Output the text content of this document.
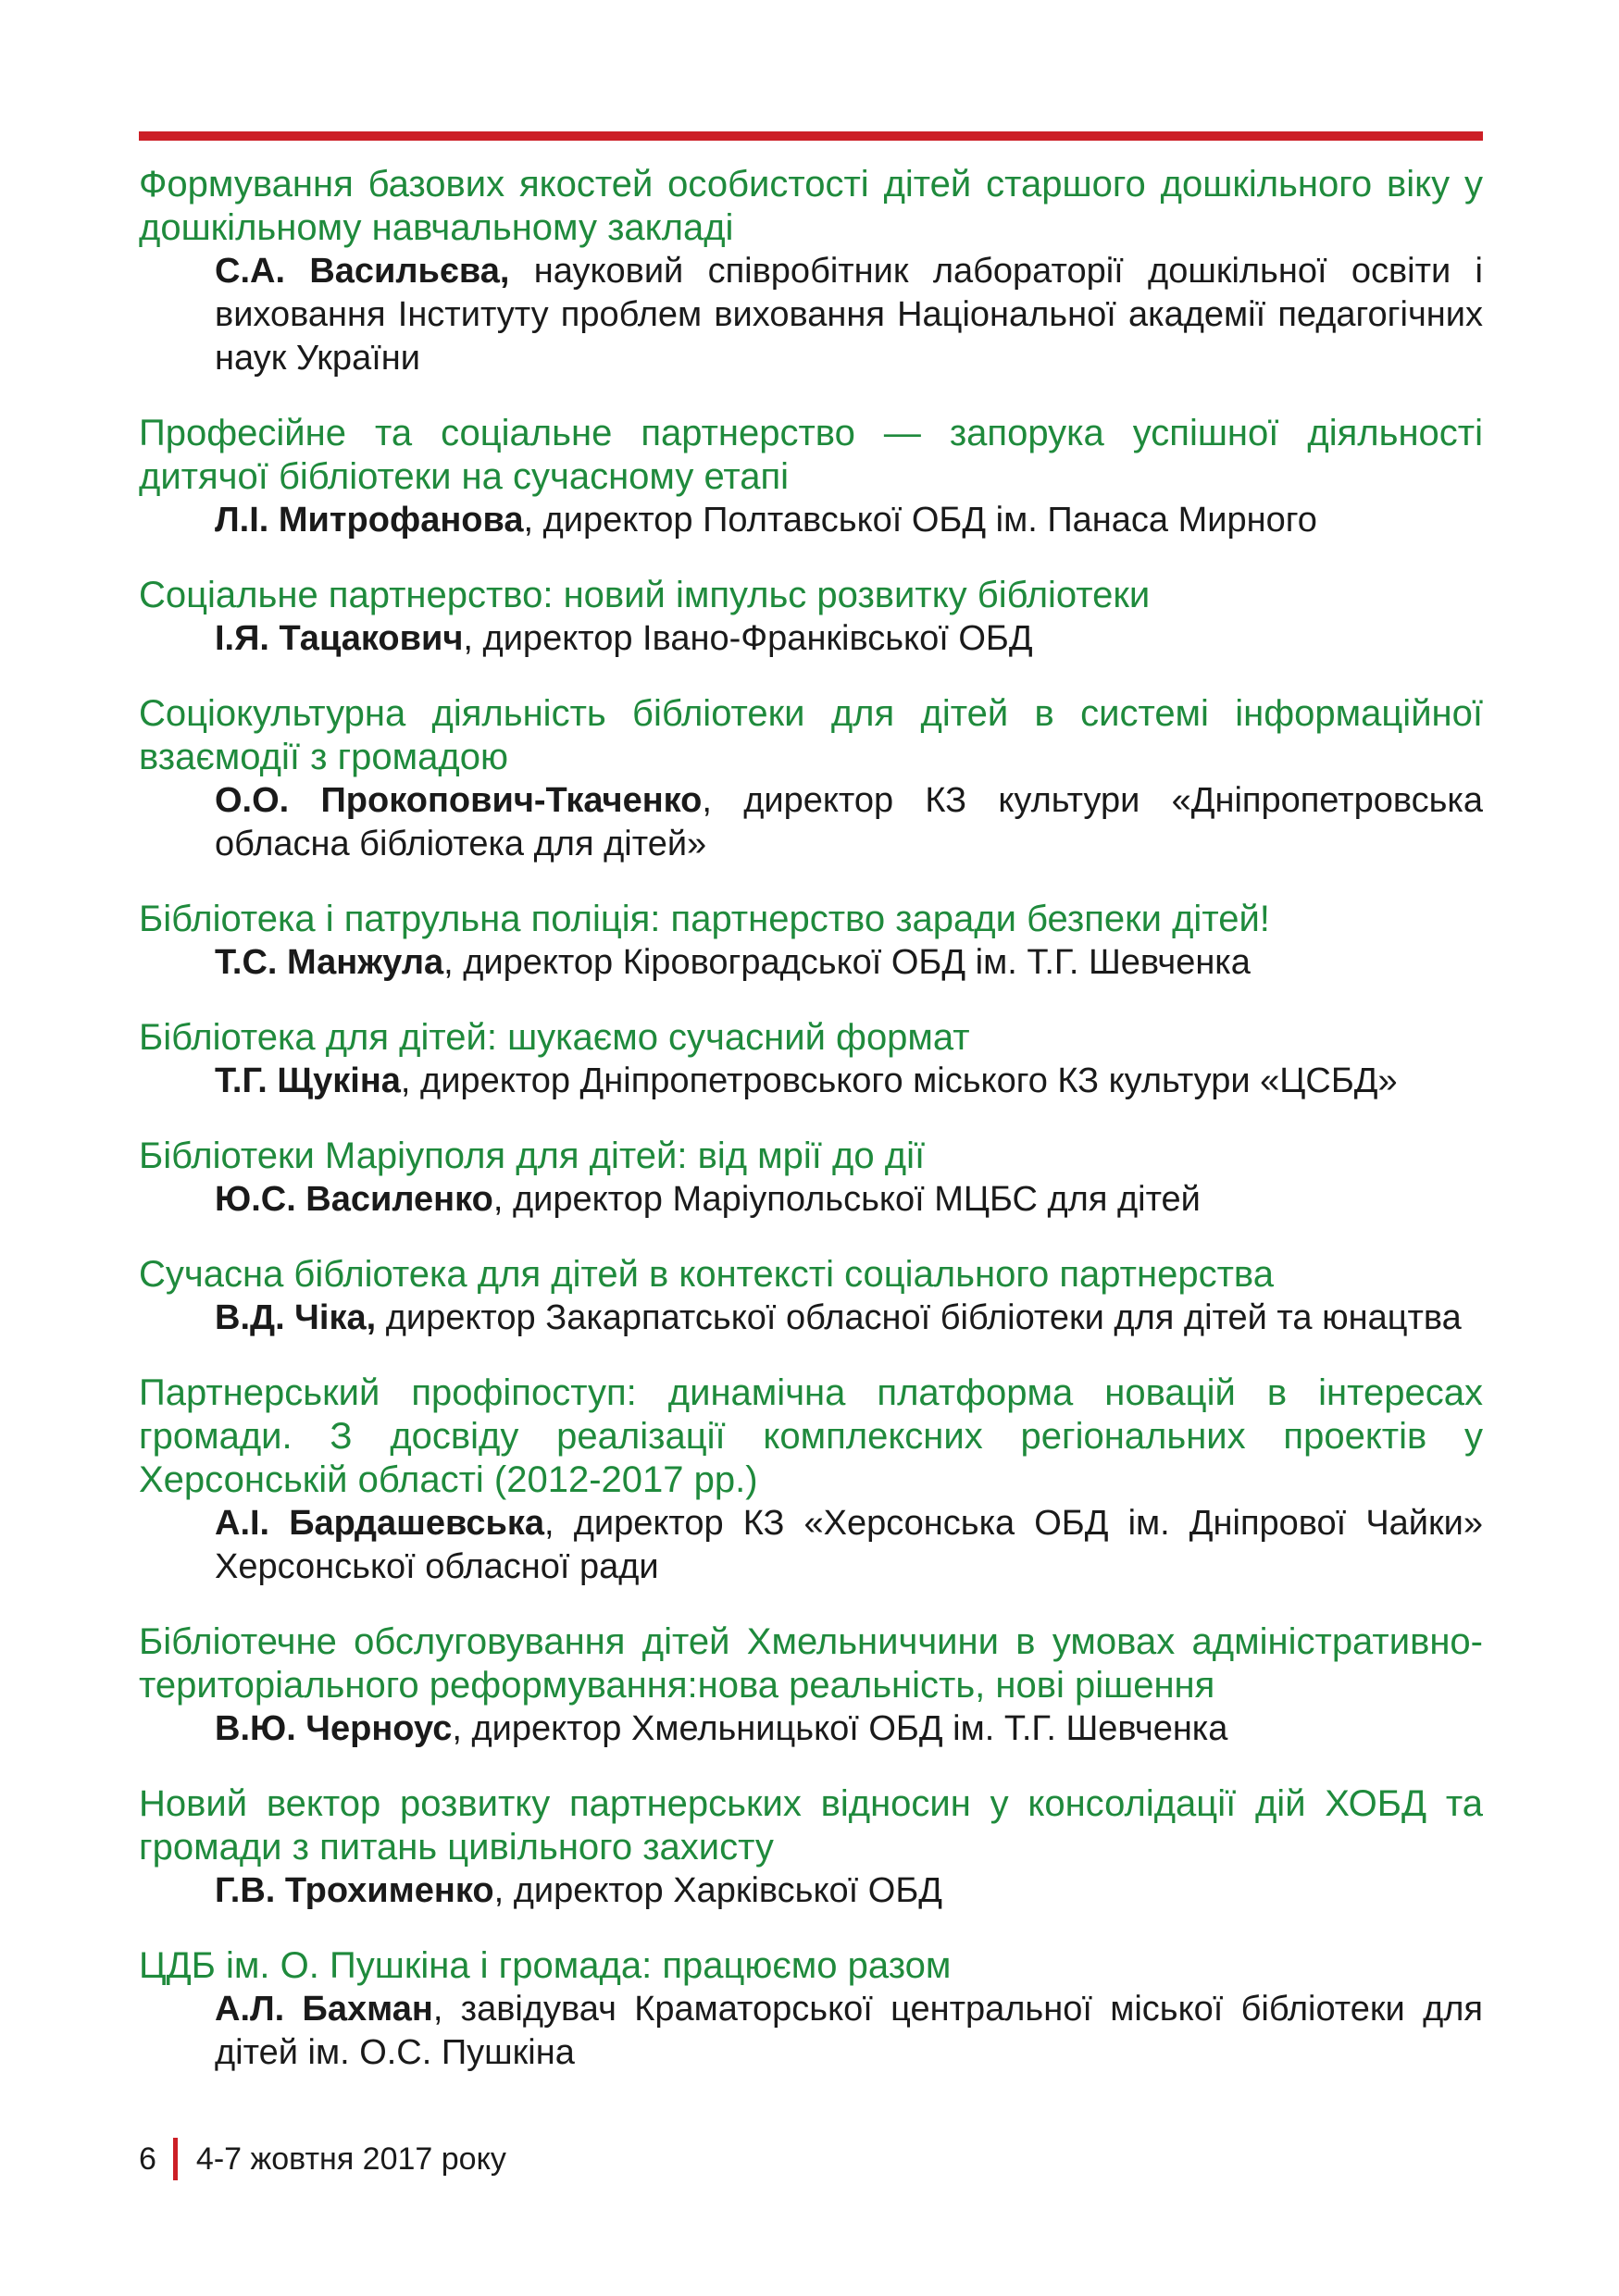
Формування базових якостей особистості дітей старшого дошкільного віку у дошкільному навчальному закладі

С.А. Васильєва, науковий співробітник лабораторії дошкільної освіти і виховання Інституту проблем виховання Національної академії педагогічних наук України

Професійне та соціальне партнерство — запорука успішної діяльності дитячої бібліотеки на сучасному етапі

Л.І. Митрофанова, директор Полтавської ОБД ім. Панаса Мирного

Соціальне партнерство: новий імпульс розвитку бібліотеки

І.Я. Тацакович, директор Івано-Франківської ОБД

Соціокультурна діяльність бібліотеки для дітей в системі інформаційної взаємодії з громадою

О.О. Прокопович-Ткаченко, директор КЗ культури «Дніпропетровська обласна бібліотека для дітей»

Бібліотека і патрульна поліція: партнерство заради безпеки дітей!

Т.С. Манжула, директор Кіровоградської ОБД ім. Т.Г. Шевченка

Бібліотека для дітей: шукаємо сучасний формат

Т.Г. Щукіна, директор Дніпропетровського міського КЗ культури «ЦСБД»

Бібліотеки Маріуполя для дітей: від мрії до дії

Ю.С. Василенко, директор Маріупольської МЦБС для дітей

Сучасна бібліотека для дітей в контексті соціального партнерства

В.Д. Чіка, директор Закарпатської обласної бібліотеки для дітей та юнацтва

Партнерський профіпоступ: динамічна платформа новацій в інтересах громади. З досвіду реалізації комплексних регіональних проектів у Херсонській області (2012-2017 рр.)

А.І. Бардашевська, директор КЗ «Херсонська ОБД ім. Дніпрової Чайки» Херсонської обласної ради

Бібліотечне обслуговування дітей Хмельниччини в умовах адміністративно-територіального реформування:нова реальність, нові рішення

В.Ю. Черноус, директор Хмельницької ОБД ім. Т.Г. Шевченка

Новий вектор розвитку партнерських відносин у консолідації дій ХОБД та громади з питань цивільного захисту

Г.В. Трохименко, директор Харківської ОБД

ЦДБ ім. О. Пушкіна і громада: працюємо разом

А.Л. Бахман, завідувач Краматорської центральної міської бібліотеки для дітей ім. О.С. Пушкіна

6 4-7 жовтня 2017 року
